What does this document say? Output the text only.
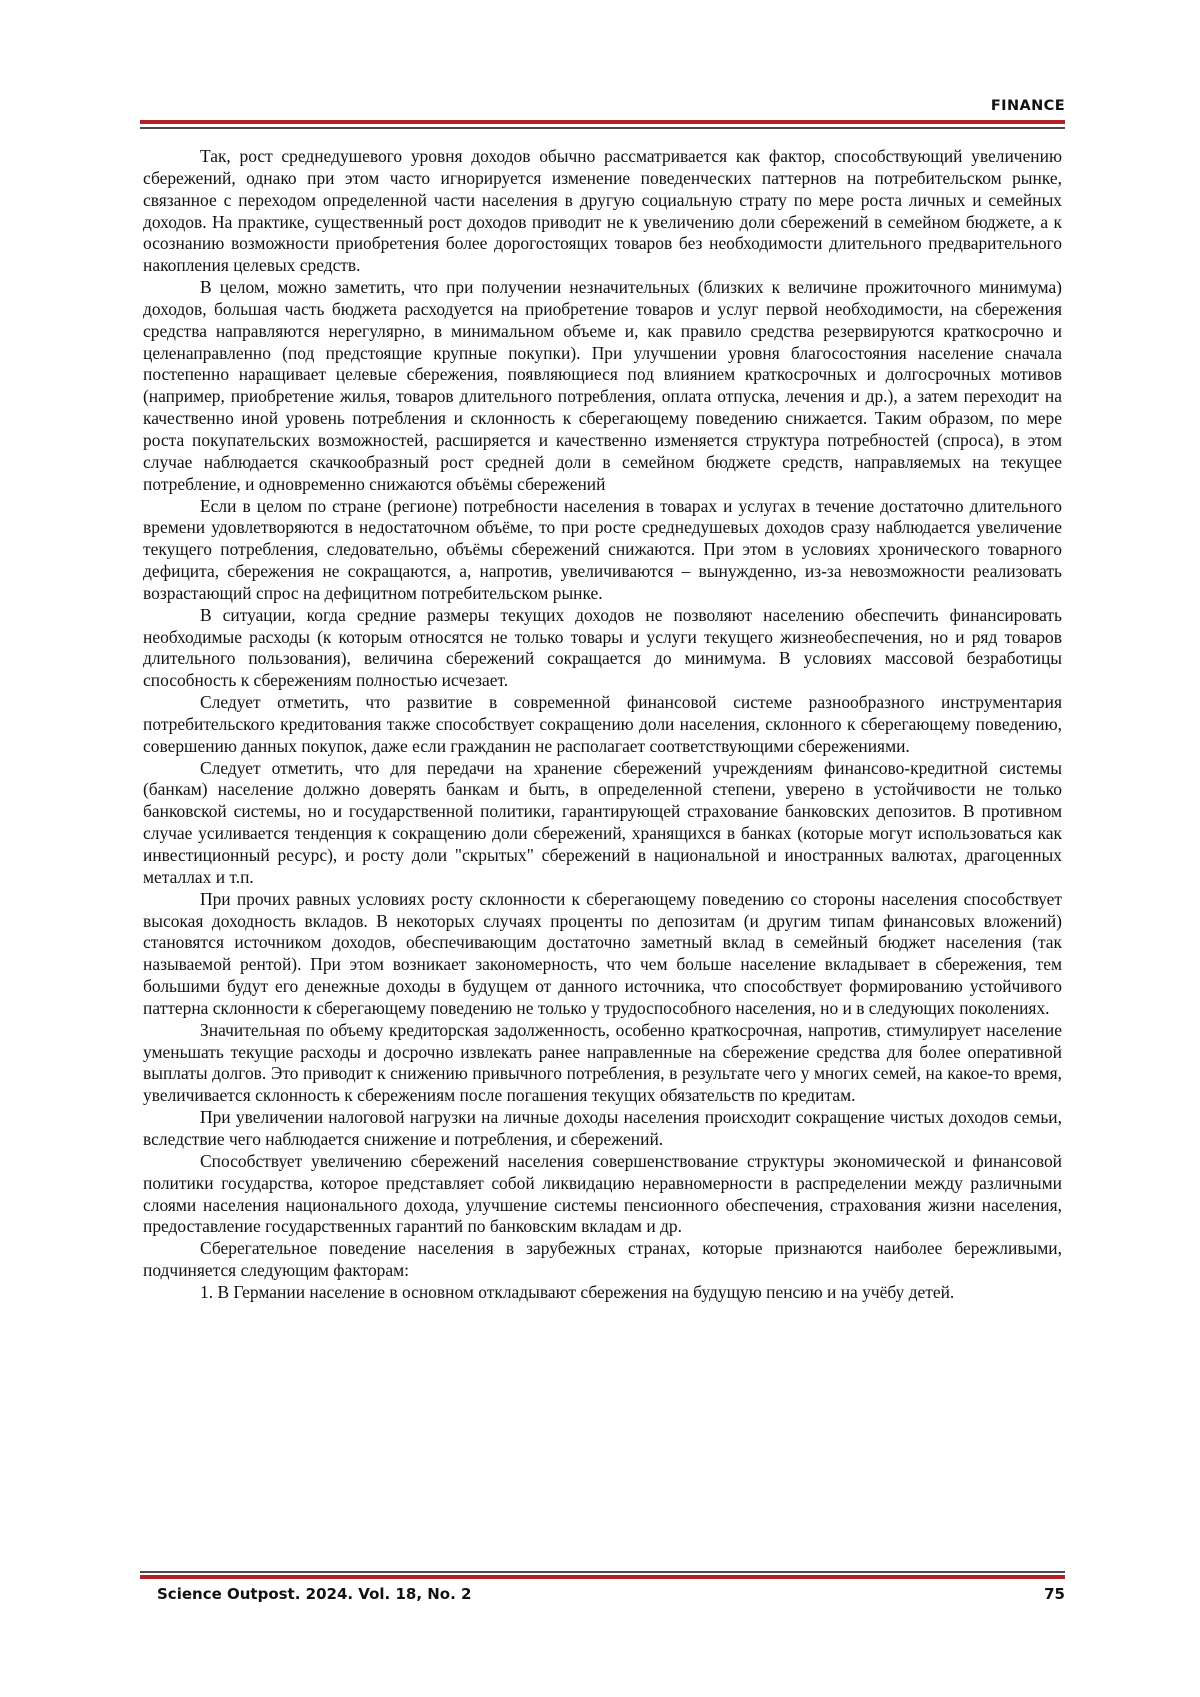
FINANCE

Так, рост среднедушевого уровня доходов обычно рассматривается как фактор, способствующий увеличению сбережений, однако при этом часто игнорируется изменение поведенческих паттернов на потребительском рынке, связанное с переходом определенной части населения в другую социальную страту по мере роста личных и семейных доходов. На практике, существенный рост доходов приводит не к увеличению доли сбережений в семейном бюджете, а к осознанию возможности приобретения более дорогостоящих товаров без необходимости длительного предварительного накопления целевых средств.

В целом, можно заметить, что при получении незначительных (близких к величине прожиточного минимума) доходов, большая часть бюджета расходуется на приобретение товаров и услуг первой необходимости, на сбережения средства направляются нерегулярно, в минимальном объеме и, как правило средства резервируются краткосрочно и целенаправленно (под предстоящие крупные покупки). При улучшении уровня благосостояния население сначала постепенно наращивает целевые сбережения, появляющиеся под влиянием краткосрочных и долгосрочных мотивов (например, приобретение жилья, товаров длительного потребления, оплата отпуска, лечения и др.), а затем переходит на качественно иной уровень потребления и склонность к сберегающему поведению снижается. Таким образом, по мере роста покупательских возможностей, расширяется и качественно изменяется структура потребностей (спроса), в этом случае наблюдается скачкообразный рост средней доли в семейном бюджете средств, направляемых на текущее потребление, и одновременно снижаются объёмы сбережений

Если в целом по стране (регионе) потребности населения в товарах и услугах в течение достаточно длительного времени удовлетворяются в недостаточном объёме, то при росте среднедушевых доходов сразу наблюдается увеличение текущего потребления, следовательно, объёмы сбережений снижаются. При этом в условиях хронического товарного дефицита, сбережения не сокращаются, а, напротив, увеличиваются – вынужденно, из-за невозможности реализовать возрастающий спрос на дефицитном потребительском рынке.

В ситуации, когда средние размеры текущих доходов не позволяют населению обеспечить финансировать необходимые расходы (к которым относятся не только товары и услуги текущего жизнеобеспечения, но и ряд товаров длительного пользования), величина сбережений сокращается до минимума. В условиях массовой безработицы способность к сбережениям полностью исчезает.

Следует отметить, что развитие в современной финансовой системе разнообразного инструментария потребительского кредитования также способствует сокращению доли населения, склонного к сберегающему поведению, совершению данных покупок, даже если гражданин не располагает соответствующими сбережениями.

Следует отметить, что для передачи на хранение сбережений учреждениям финансово-кредитной системы (банкам) население должно доверять банкам и быть, в определенной степени, уверено в устойчивости не только банковской системы, но и государственной политики, гарантирующей страхование банковских депозитов. В противном случае усиливается тенденция к сокращению доли сбережений, хранящихся в банках (которые могут использоваться как инвестиционный ресурс), и росту доли "скрытых" сбережений в национальной и иностранных валютах, драгоценных металлах и т.п.

При прочих равных условиях росту склонности к сберегающему поведению со стороны населения способствует высокая доходность вкладов. В некоторых случаях проценты по депозитам (и другим типам финансовых вложений) становятся источником доходов, обеспечивающим достаточно заметный вклад в семейный бюджет населения (так называемой рентой). При этом возникает закономерность, что чем больше население вкладывает в сбережения, тем большими будут его денежные доходы в будущем от данного источника, что способствует формированию устойчивого паттерна склонности к сберегающему поведению не только у трудоспособного населения, но и в следующих поколениях.

Значительная по объему кредиторская задолженность, особенно краткосрочная, напротив, стимулирует население уменьшать текущие расходы и досрочно извлекать ранее направленные на сбережение средства для более оперативной выплаты долгов. Это приводит к снижению привычного потребления, в результате чего у многих семей, на какое-то время, увеличивается склонность к сбережениям после погашения текущих обязательств по кредитам.

При увеличении налоговой нагрузки на личные доходы населения происходит сокращение чистых доходов семьи, вследствие чего наблюдается снижение и потребления, и сбережений.

Способствует увеличению сбережений населения совершенствование структуры экономической и финансовой политики государства, которое представляет собой ликвидацию неравномерности в распределении между различными слоями населения национального дохода, улучшение системы пенсионного обеспечения, страхования жизни населения, предоставление государственных гарантий по банковским вкладам и др.

Сберегательное поведение населения в зарубежных странах, которые признаются наиболее бережливыми, подчиняется следующим факторам:

1. В Германии население в основном откладывают сбережения на будущую пенсию и на учёбу детей.

Science Outpost. 2024. Vol. 18, No. 2	75
